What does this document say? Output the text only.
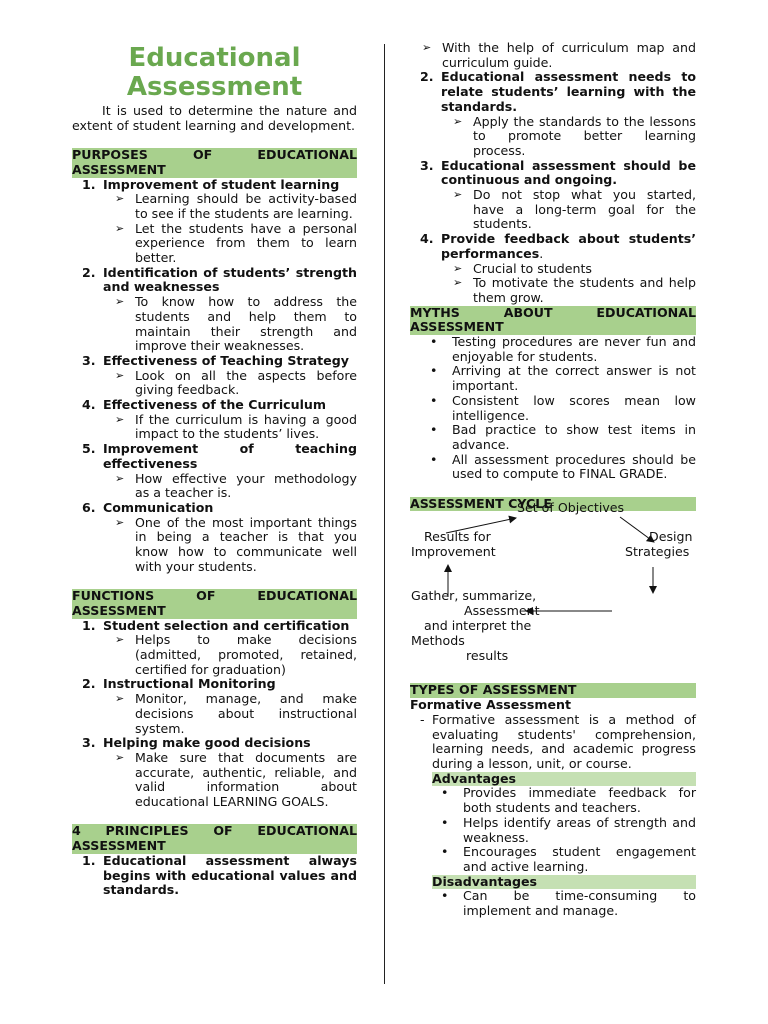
Educational Assessment

It is used to determine the nature and extent of student learning and development.

PURPOSES OF EDUCATIONAL ASSESSMENT
1. Improvement of student learning
➢ Learning should be activity-based to see if the students are learning.
➢ Let the students have a personal experience from them to learn better.
2. Identification of students’ strength and weaknesses
➢ To know how to address the students and help them to maintain their strength and improve their weaknesses.
3. Effectiveness of Teaching Strategy
➢ Look on all the aspects before giving feedback.
4. Effectiveness of the Curriculum
➢ If the curriculum is having a good impact to the students’ lives.
5. Improvement of teaching effectiveness
➢ How effective your methodology as a teacher is.
6. Communication
➢ One of the most important things in being a teacher is that you know how to communicate well with your students.
FUNCTIONS OF EDUCATIONAL ASSESSMENT
1. Student selection and certification
➢ Helps to make decisions (admitted, promoted, retained, certified for graduation)
2. Instructional Monitoring
➢ Monitor, manage, and make decisions about instructional system.
3. Helping make good decisions
➢ Make sure that documents are accurate, authentic, reliable, and valid information about educational LEARNING GOALS.
4 PRINCIPLES OF EDUCATIONAL ASSESSMENT
1. Educational assessment always begins with educational values and standards.
➢ With the help of curriculum map and curriculum guide.
2. Educational assessment needs to relate students’ learning with the standards.
➢ Apply the standards to the lessons to promote better learning process.
3. Educational assessment should be continuous and ongoing.
➢ Do not stop what you started, have a long-term goal for the students.
4. Provide feedback about students’ performances.
➢ Crucial to students
➢ To motivate the students and help them grow.
MYTHS ABOUT EDUCATIONAL ASSESSMENT
• Testing procedures are never fun and enjoyable for students.
• Arriving at the correct answer is not important.
• Consistent low scores mean low intelligence.
• Bad practice to show test items in advance.
• All assessment procedures should be used to compute to FINAL GRADE.
ASSESSMENT CYCLE
Set of Objectives
Results for
Improvement
Design
Strategies
Gather, summarize,
Assessment
and interpret the
Methods
results
TYPES OF ASSESSMENT
Formative Assessment

- Formative assessment is a method of evaluating students' comprehension, learning needs, and academic progress during a lesson, unit, or course.

Advantages
• Provides immediate feedback for both students and teachers.
• Helps identify areas of strength and weakness.
• Encourages student engagement and active learning.
Disadvantages
• Can be time-consuming to implement and manage.
